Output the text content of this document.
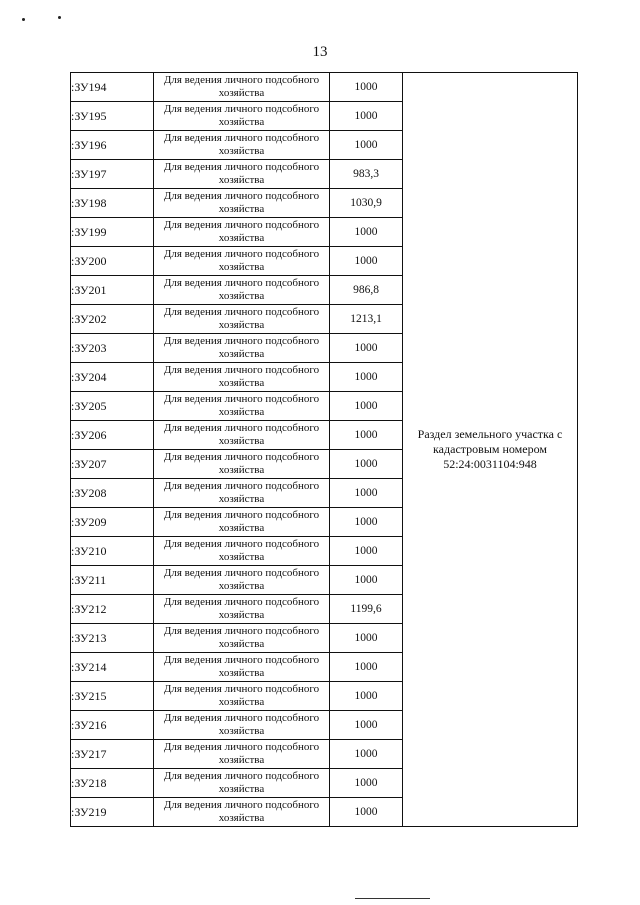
13
:ЗУ194	Для ведения личного подсобного хозяйства	1000	Раздел земельного участка с кадастровым номером 52:24:0031104:948
:ЗУ195	Для ведения личного подсобного хозяйства	1000	
:ЗУ196	Для ведения личного подсобного хозяйства	1000	
:ЗУ197	Для ведения личного подсобного хозяйства	983,3	
:ЗУ198	Для ведения личного подсобного хозяйства	1030,9	
:ЗУ199	Для ведения личного подсобного хозяйства	1000	
:ЗУ200	Для ведения личного подсобного хозяйства	1000	
:ЗУ201	Для ведения личного подсобного хозяйства	986,8	
:ЗУ202	Для ведения личного подсобного хозяйства	1213,1	
:ЗУ203	Для ведения личного подсобного хозяйства	1000	
:ЗУ204	Для ведения личного подсобного хозяйства	1000	
:ЗУ205	Для ведения личного подсобного хозяйства	1000	
:ЗУ206	Для ведения личного подсобного хозяйства	1000	
:ЗУ207	Для ведения личного подсобного хозяйства	1000	
:ЗУ208	Для ведения личного подсобного хозяйства	1000	
:ЗУ209	Для ведения личного подсобного хозяйства	1000	
:ЗУ210	Для ведения личного подсобного хозяйства	1000	
:ЗУ211	Для ведения личного подсобного хозяйства	1000	
:ЗУ212	Для ведения личного подсобного хозяйства	1199,6	
:ЗУ213	Для ведения личного подсобного хозяйства	1000	
:ЗУ214	Для ведения личного подсобного хозяйства	1000	
:ЗУ215	Для ведения личного подсобного хозяйства	1000	
:ЗУ216	Для ведения личного подсобного хозяйства	1000	
:ЗУ217	Для ведения личного подсобного хозяйства	1000	
:ЗУ218	Для ведения личного подсобного хозяйства	1000	
:ЗУ219	Для ведения личного подсобного хозяйства	1000	
